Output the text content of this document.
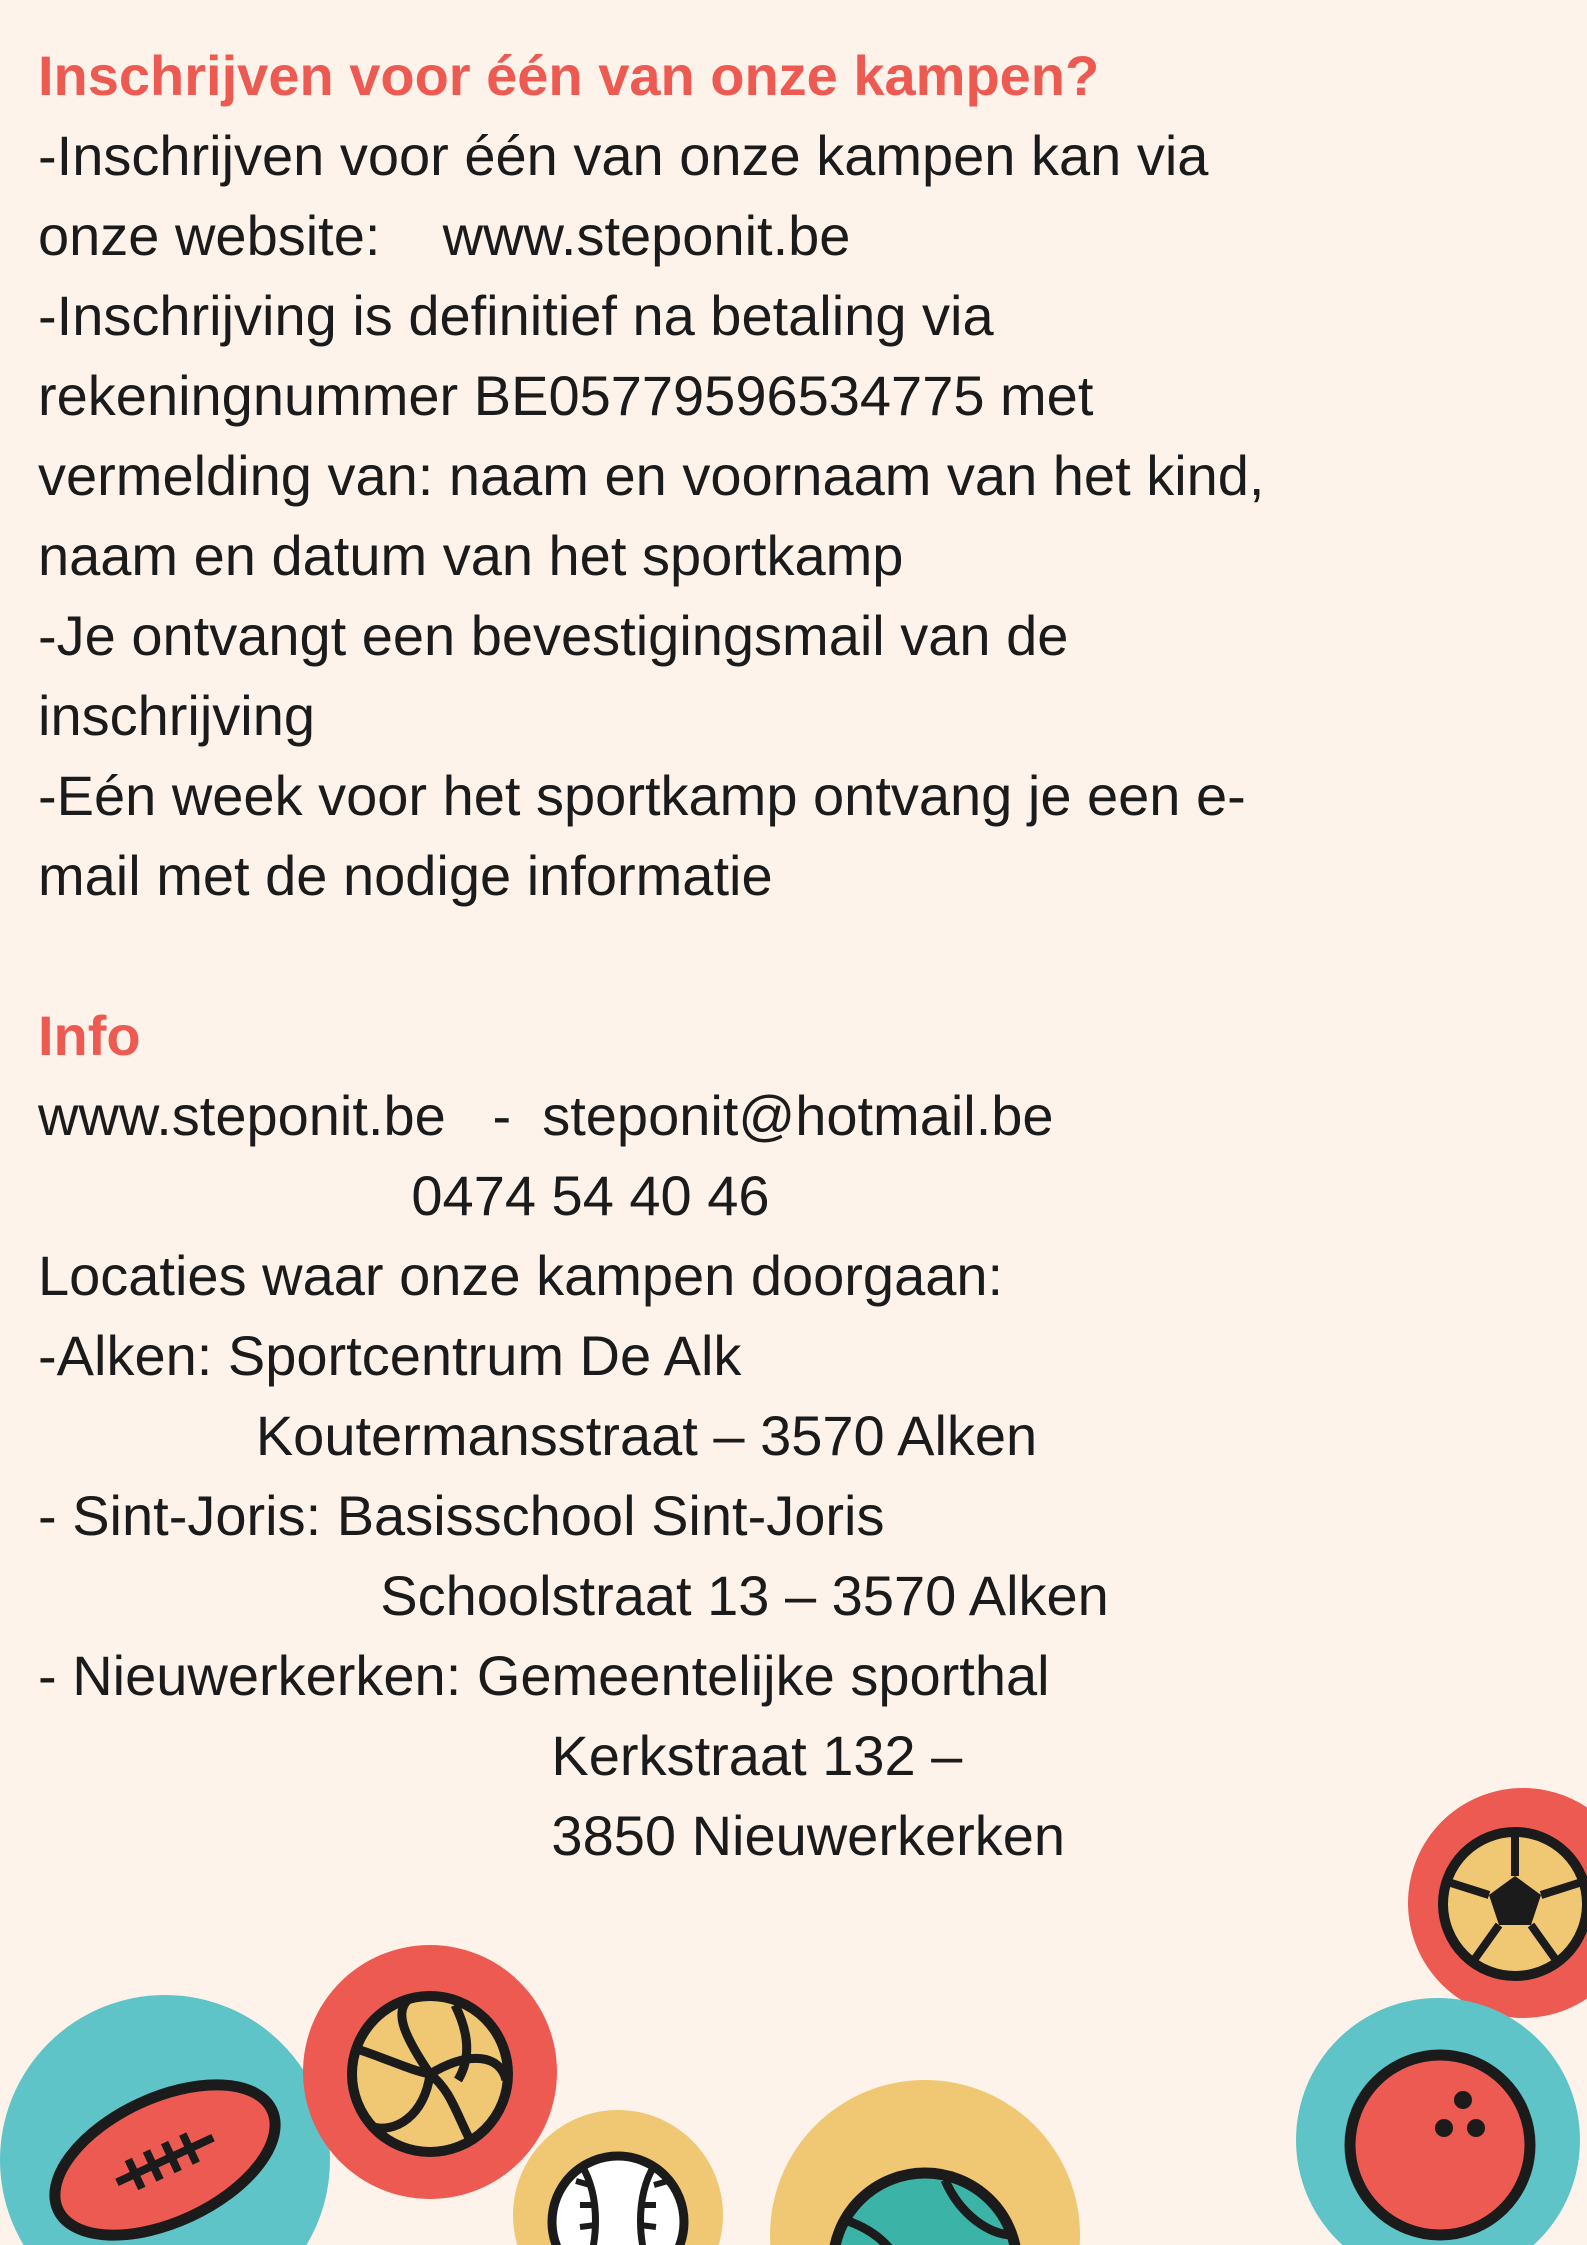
Inschrijven voor één van onze kampen?

-Inschrijven voor één van onze kampen kan via

onze website:    www.steponit.be

-Inschrijving is definitief na betaling via

rekeningnummer BE05779596534775 met

vermelding van: naam en voornaam van het kind,

naam en datum van het sportkamp

-Je ontvangt een bevestigingsmail van de

inschrijving

-Eén week voor het sportkamp ontvang je een e-

mail met de nodige informatie

Info

www.steponit.be   -  steponit@hotmail.be

0474 54 40 46

Locaties waar onze kampen doorgaan:

-Alken: Sportcentrum De Alk

Koutermansstraat – 3570 Alken

- Sint-Joris: Basisschool Sint-Joris

Schoolstraat 13 – 3570 Alken

- Nieuwerkerken: Gemeentelijke sporthal

Kerkstraat 132 –

3850 Nieuwerkerken
